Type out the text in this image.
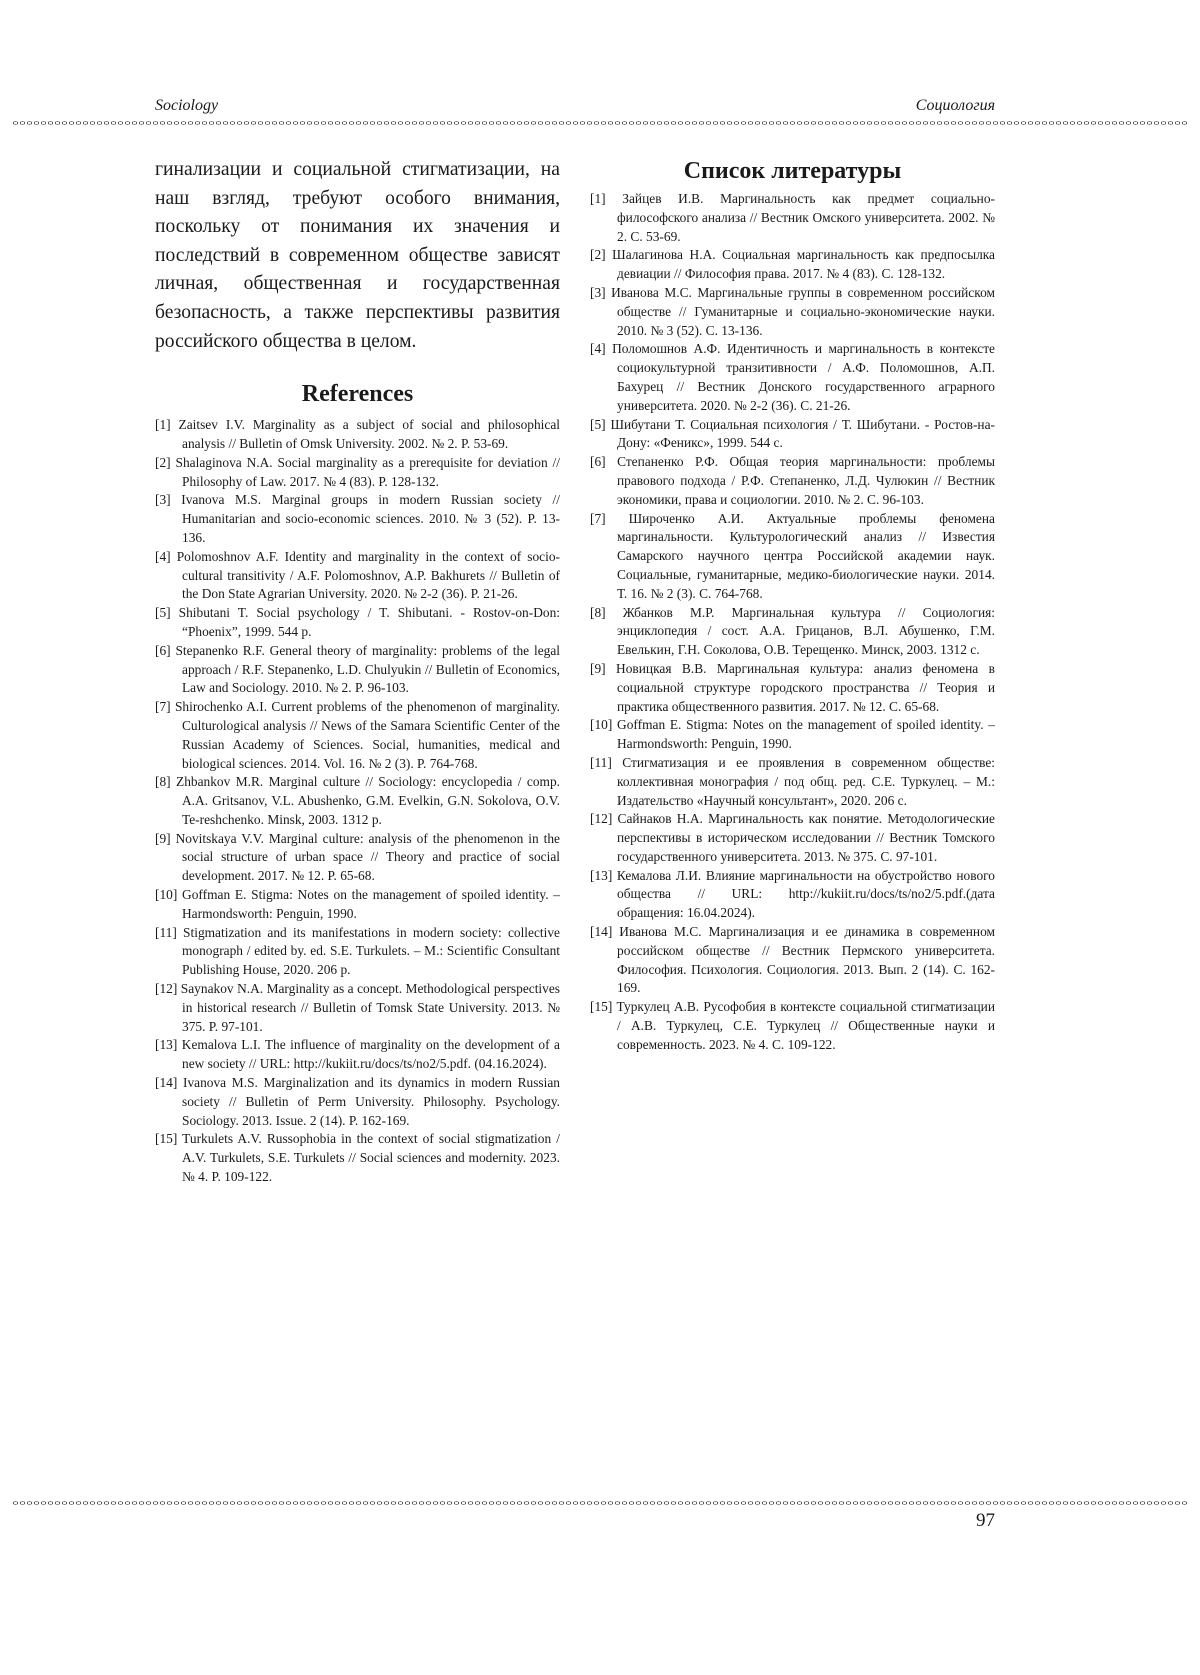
Sociology	Социология

гинализации и социальной стигматизации, на наш взгляд, требуют особого внимания, поскольку от понимания их значения и последствий в современном обществе зависят личная, общественная и государственная безопасность, а также перспективы развития российского общества в целом.

References
[1] Zaitsev I.V. Marginality as a subject of social and philosophical analysis // Bulletin of Omsk University. 2002. № 2. P. 53-69.
[2] Shalaginova N.A. Social marginality as a prerequisite for deviation // Philosophy of Law. 2017. № 4 (83). P. 128-132.
[3] Ivanova M.S. Marginal groups in modern Russian society // Humanitarian and socio-economic sciences. 2010. № 3 (52). P. 13-136.
[4] Polomoshnov A.F. Identity and marginality in the context of socio-cultural transitivity / A.F. Polomoshnov, A.P. Bakhurets // Bulletin of the Don State Agrarian University. 2020. № 2-2 (36). P. 21-26.
[5] Shibutani T. Social psychology / T. Shibutani. - Rostov-on-Don: “Phoenix”, 1999. 544 p.
[6] Stepanenko R.F. General theory of marginality: problems of the legal approach / R.F. Stepanenko, L.D. Chulyukin // Bulletin of Economics, Law and Sociology. 2010. № 2. P. 96-103.
[7] Shirochenko A.I. Current problems of the phenomenon of marginality. Culturological analysis // News of the Samara Scientific Center of the Russian Academy of Sciences. Social, humanities, medical and biological sciences. 2014. Vol. 16. № 2 (3). P. 764-768.
[8] Zhbankov M.R. Marginal culture // Sociology: encyclopedia / comp. A.A. Gritsanov, V.L. Abushenko, G.M. Evelkin, G.N. Sokolova, O.V. Te-reshchenko. Minsk, 2003. 1312 p.
[9] Novitskaya V.V. Marginal culture: analysis of the phenomenon in the social structure of urban space // Theory and practice of social development. 2017. № 12. P. 65-68.
[10] Goffman E. Stigma: Notes on the management of spoiled identity. – Harmondsworth: Penguin, 1990.
[11] Stigmatization and its manifestations in modern society: collective monograph / edited by. ed. S.E. Turkulets. – M.: Scientific Consultant Publishing House, 2020. 206 p.
[12] Saynakov N.A. Marginality as a concept. Methodological perspectives in historical research // Bulletin of Tomsk State University. 2013. № 375. P. 97-101.
[13] Kemalova L.I. The influence of marginality on the development of a new society // URL: http://kukiit.ru/docs/ts/no2/5.pdf. (04.16.2024).
[14] Ivanova M.S. Marginalization and its dynamics in modern Russian society // Bulletin of Perm University. Philosophy. Psychology. Sociology. 2013. Issue. 2 (14). P. 162-169.
[15] Turkulets A.V. Russophobia in the context of social stigmatization / A.V. Turkulets, S.E. Turkulets // Social sciences and modernity. 2023. № 4. P. 109-122.
Список литературы
[1] Зайцев И.В. Маргинальность как предмет социально-философского анализа // Вестник Омского университета. 2002. № 2. С. 53-69.
[2] Шалагинова Н.А. Социальная маргинальность как предпосылка девиации // Философия права. 2017. № 4 (83). С. 128-132.
[3] Иванова М.С. Маргинальные группы в современном российском обществе // Гуманитарные и социально-экономические науки. 2010. № 3 (52). С. 13-136.
[4] Поломошнов А.Ф. Идентичность и маргинальность в контексте социокультурной транзитивности / А.Ф. Поломошнов, А.П. Бахурец // Вестник Донского государственного аграрного университета. 2020. № 2-2 (36). С. 21-26.
[5] Шибутани Т. Социальная психология / Т. Шибутани. - Ростов-на-Дону: «Феникс», 1999. 544 с.
[6] Степаненко Р.Ф. Общая теория маргинальности: проблемы правового подхода / Р.Ф. Степаненко, Л.Д. Чулюкин // Вестник экономики, права и социологии. 2010. № 2. С. 96-103.
[7] Широченко А.И. Актуальные проблемы феномена маргинальности. Культурологический анализ // Известия Самарского научного центра Российской академии наук. Социальные, гуманитарные, медико-биологические науки. 2014. Т. 16. № 2 (3). С. 764-768.
[8] Жбанков М.Р. Маргинальная культура // Социология: энциклопедия / сост. А.А. Грицанов, В.Л. Абушенко, Г.М. Евелькин, Г.Н. Соколова, О.В. Терещенко. Минск, 2003. 1312 с.
[9] Новицкая В.В. Маргинальная культура: анализ феномена в социальной структуре городского пространства // Теория и практика общественного развития. 2017. № 12. С. 65-68.
[10] Goffman E. Stigma: Notes on the management of spoiled identity. – Harmondsworth: Penguin, 1990.
[11] Стигматизация и ее проявления в современном обществе: коллективная монография / под общ. ред. С.Е. Туркулец. – М.: Издательство «Научный консультант», 2020. 206 с.
[12] Сайнаков Н.А. Маргинальность как понятие. Методологические перспективы в историческом исследовании // Вестник Томского государственного университета. 2013. № 375. С. 97-101.
[13] Кемалова Л.И. Влияние маргинальности на обустройство нового общества // URL: http://kukiit.ru/docs/ts/no2/5.pdf.(дата обращения: 16.04.2024).
[14] Иванова М.С. Маргинализация и ее динамика в современном российском обществе // Вестник Пермского университета. Философия. Психология. Социология. 2013. Вып. 2 (14). С. 162-169.
[15] Туркулец А.В. Русофобия в контексте социальной стигматизации / А.В. Туркулец, С.Е. Туркулец // Общественные науки и современность. 2023. № 4. С. 109-122.
97
